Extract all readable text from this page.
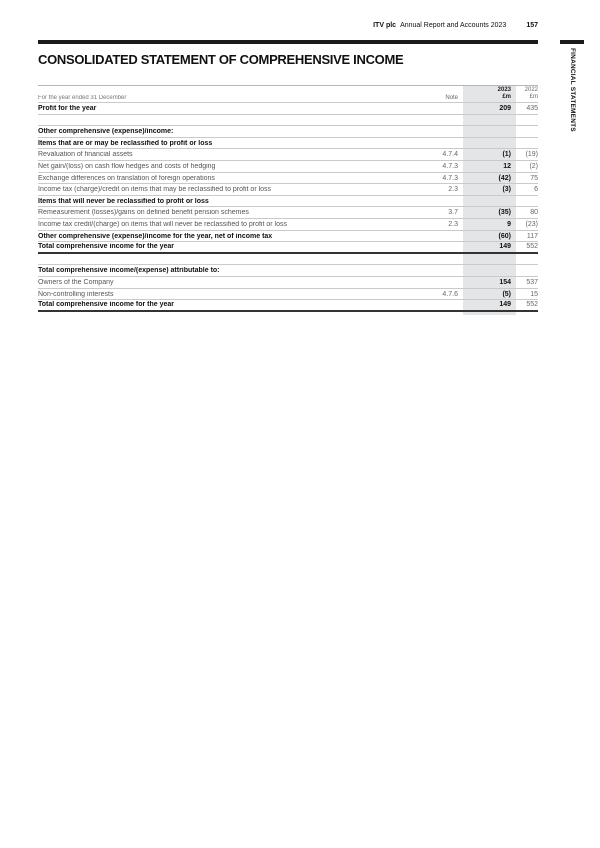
ITV plc Annual Report and Accounts 2023	157
FINANCIAL STATEMENTS
CONSOLIDATED STATEMENT OF COMPREHENSIVE INCOME
For the year ended 31 December	Note
2023
£m
2022
£m
Profit for the year	209	435
Other comprehensive (expense)/income:
Items that are or may be reclassified to profit or loss
Revaluation of financial assets	4.7.4	(1)	(19)
Net gain/(loss) on cash flow hedges and costs of hedging	4.7.3	12	(2)
Exchange differences on translation of foreign operations	4.7.3	(42)	75
Income tax (charge)/credit on items that may be reclassified to profit or loss	2.3	(3)	6
Items that will never be reclassified to profit or loss
Remeasurement (losses)/gains on defined benefit pension schemes	3.7	(35)	80
Income tax credit/(charge) on items that will never be reclassified to profit or loss	2.3	9	(23)
Other comprehensive (expense)/income for the year, net of income tax	(60)	117
Total comprehensive income for the year	149	552
Total comprehensive income/(expense) attributable to:
Owners of the Company	154	537
Non-controlling interests	4.7.6	(5)	15
Total comprehensive income for the year	149	552
